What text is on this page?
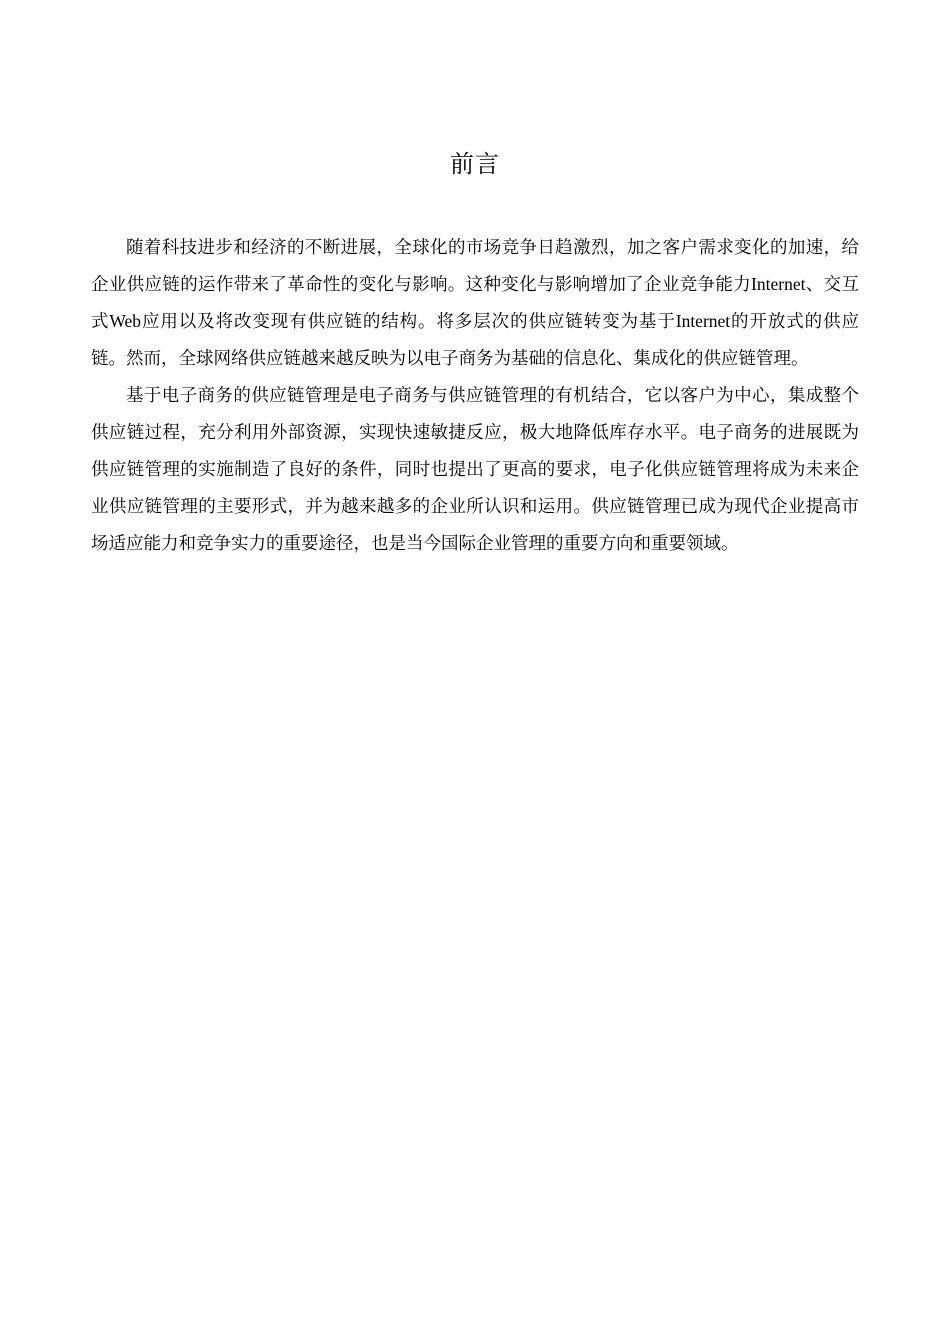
前言

随着科技进步和经济的不断进展，全球化的市场竞争日趋激烈，加之客户需求变化的加速，给企业供应链的运作带来了革命性的变化与影响。这种变化与影响增加了企业竞争能力Internet、交互式Web应用以及将改变现有供应链的结构。将多层次的供应链转变为基于Internet的开放式的供应链。然而，全球网络供应链越来越反映为以电子商务为基础的信息化、集成化的供应链管理。

基于电子商务的供应链管理是电子商务与供应链管理的有机结合，它以客户为中心，集成整个供应链过程，充分利用外部资源，实现快速敏捷反应，极大地降低库存水平。电子商务的进展既为供应链管理的实施制造了良好的条件，同时也提出了更高的要求，电子化供应链管理将成为未来企业供应链管理的主要形式，并为越来越多的企业所认识和运用。供应链管理已成为现代企业提高市场适应能力和竞争实力的重要途径，也是当今国际企业管理的重要方向和重要领域。
